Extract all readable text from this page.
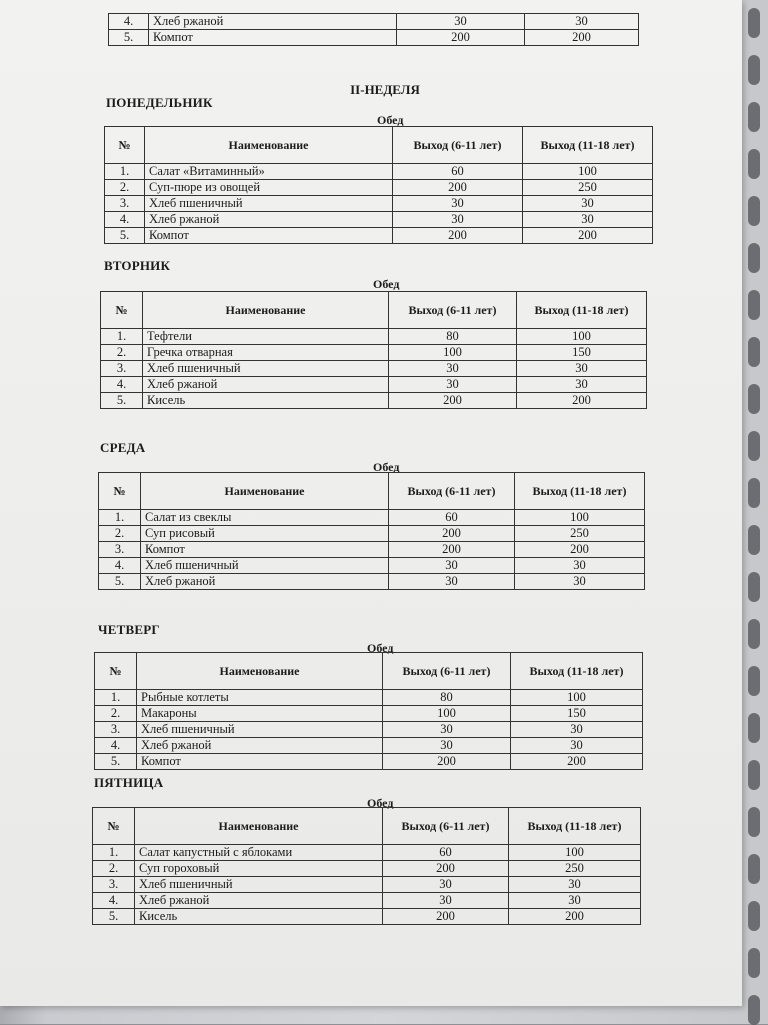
4.	Хлеб ржаной	30	30
5.	Компот	200	200
II-НЕДЕЛЯ
ПОНЕДЕЛЬНИК
Обед
№	Наименование	Выход (6-11 лет)	Выход (11-18 лет)
1.	Салат «Витаминный»	60	100
2.	Суп-пюре из овощей	200	250
3.	Хлеб пшеничный	30	30
4.	Хлеб ржаной	30	30
5.	Компот	200	200
ВТОРНИК
Обед
№	Наименование	Выход (6-11 лет)	Выход (11-18 лет)
1.	Тефтели	80	100
2.	Гречка отварная	100	150
3.	Хлеб пшеничный	30	30
4.	Хлеб ржаной	30	30
5.	Кисель	200	200
СРЕДА
Обед
№	Наименование	Выход (6-11 лет)	Выход (11-18 лет)
1.	Салат из свеклы	60	100
2.	Суп рисовый	200	250
3.	Компот	200	200
4.	Хлеб пшеничный	30	30
5.	Хлеб ржаной	30	30
ЧЕТВЕРГ
Обед
№	Наименование	Выход (6-11 лет)	Выход (11-18 лет)
1.	Рыбные котлеты	80	100
2.	Макароны	100	150
3.	Хлеб пшеничный	30	30
4.	Хлеб ржаной	30	30
5.	Компот	200	200
ПЯТНИЦА
Обед
№	Наименование	Выход (6-11 лет)	Выход (11-18 лет)
1.	Салат капустный с яблоками	60	100
2.	Суп гороховый	200	250
3.	Хлеб пшеничный	30	30
4.	Хлеб ржаной	30	30
5.	Кисель	200	200
